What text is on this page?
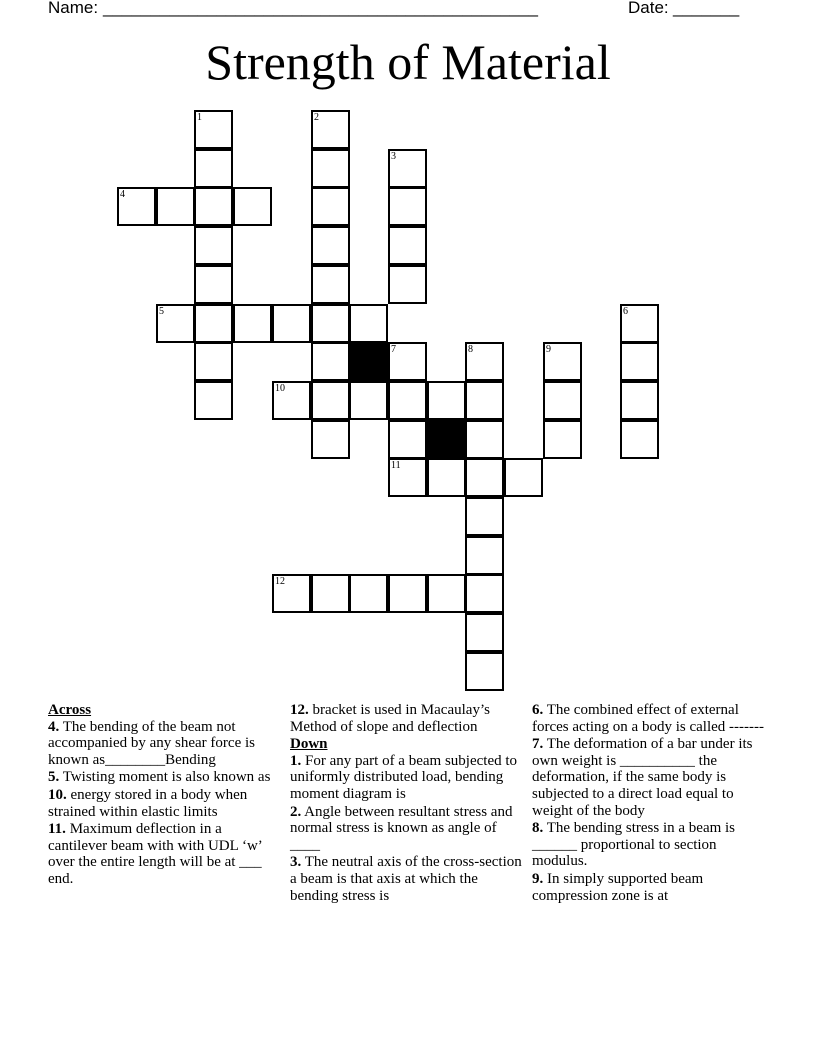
Name: ______________________________________________	Date: _______
Strength of Material
1	2
3
4
5	6
7	8	9
10
11
12
Across
4. The bending of the beam not accompanied by any shear force is known as________Bending
5. Twisting moment is also known as
10. energy stored in a body when strained within elastic limits
11. Maximum deflection in a cantilever beam with with UDL ‘w’ over the entire length will be at ___ end.
12. bracket is used in Macaulay’s Method of slope and deflection
Down
1. For any part of a beam subjected to uniformly distributed load, bending moment diagram is
2. Angle between resultant stress and normal stress is known as angle of ____
3. The neutral axis of the cross-section a beam is that axis at which the bending stress is
6. The combined effect of external forces acting on a body is called -------
7. The deformation of a bar under its own weight is __________ the deformation, if the same body is subjected to a direct load equal to weight of the body
8. The bending stress in a beam is ______ proportional to section modulus.
9. In simply supported beam compression zone is at
